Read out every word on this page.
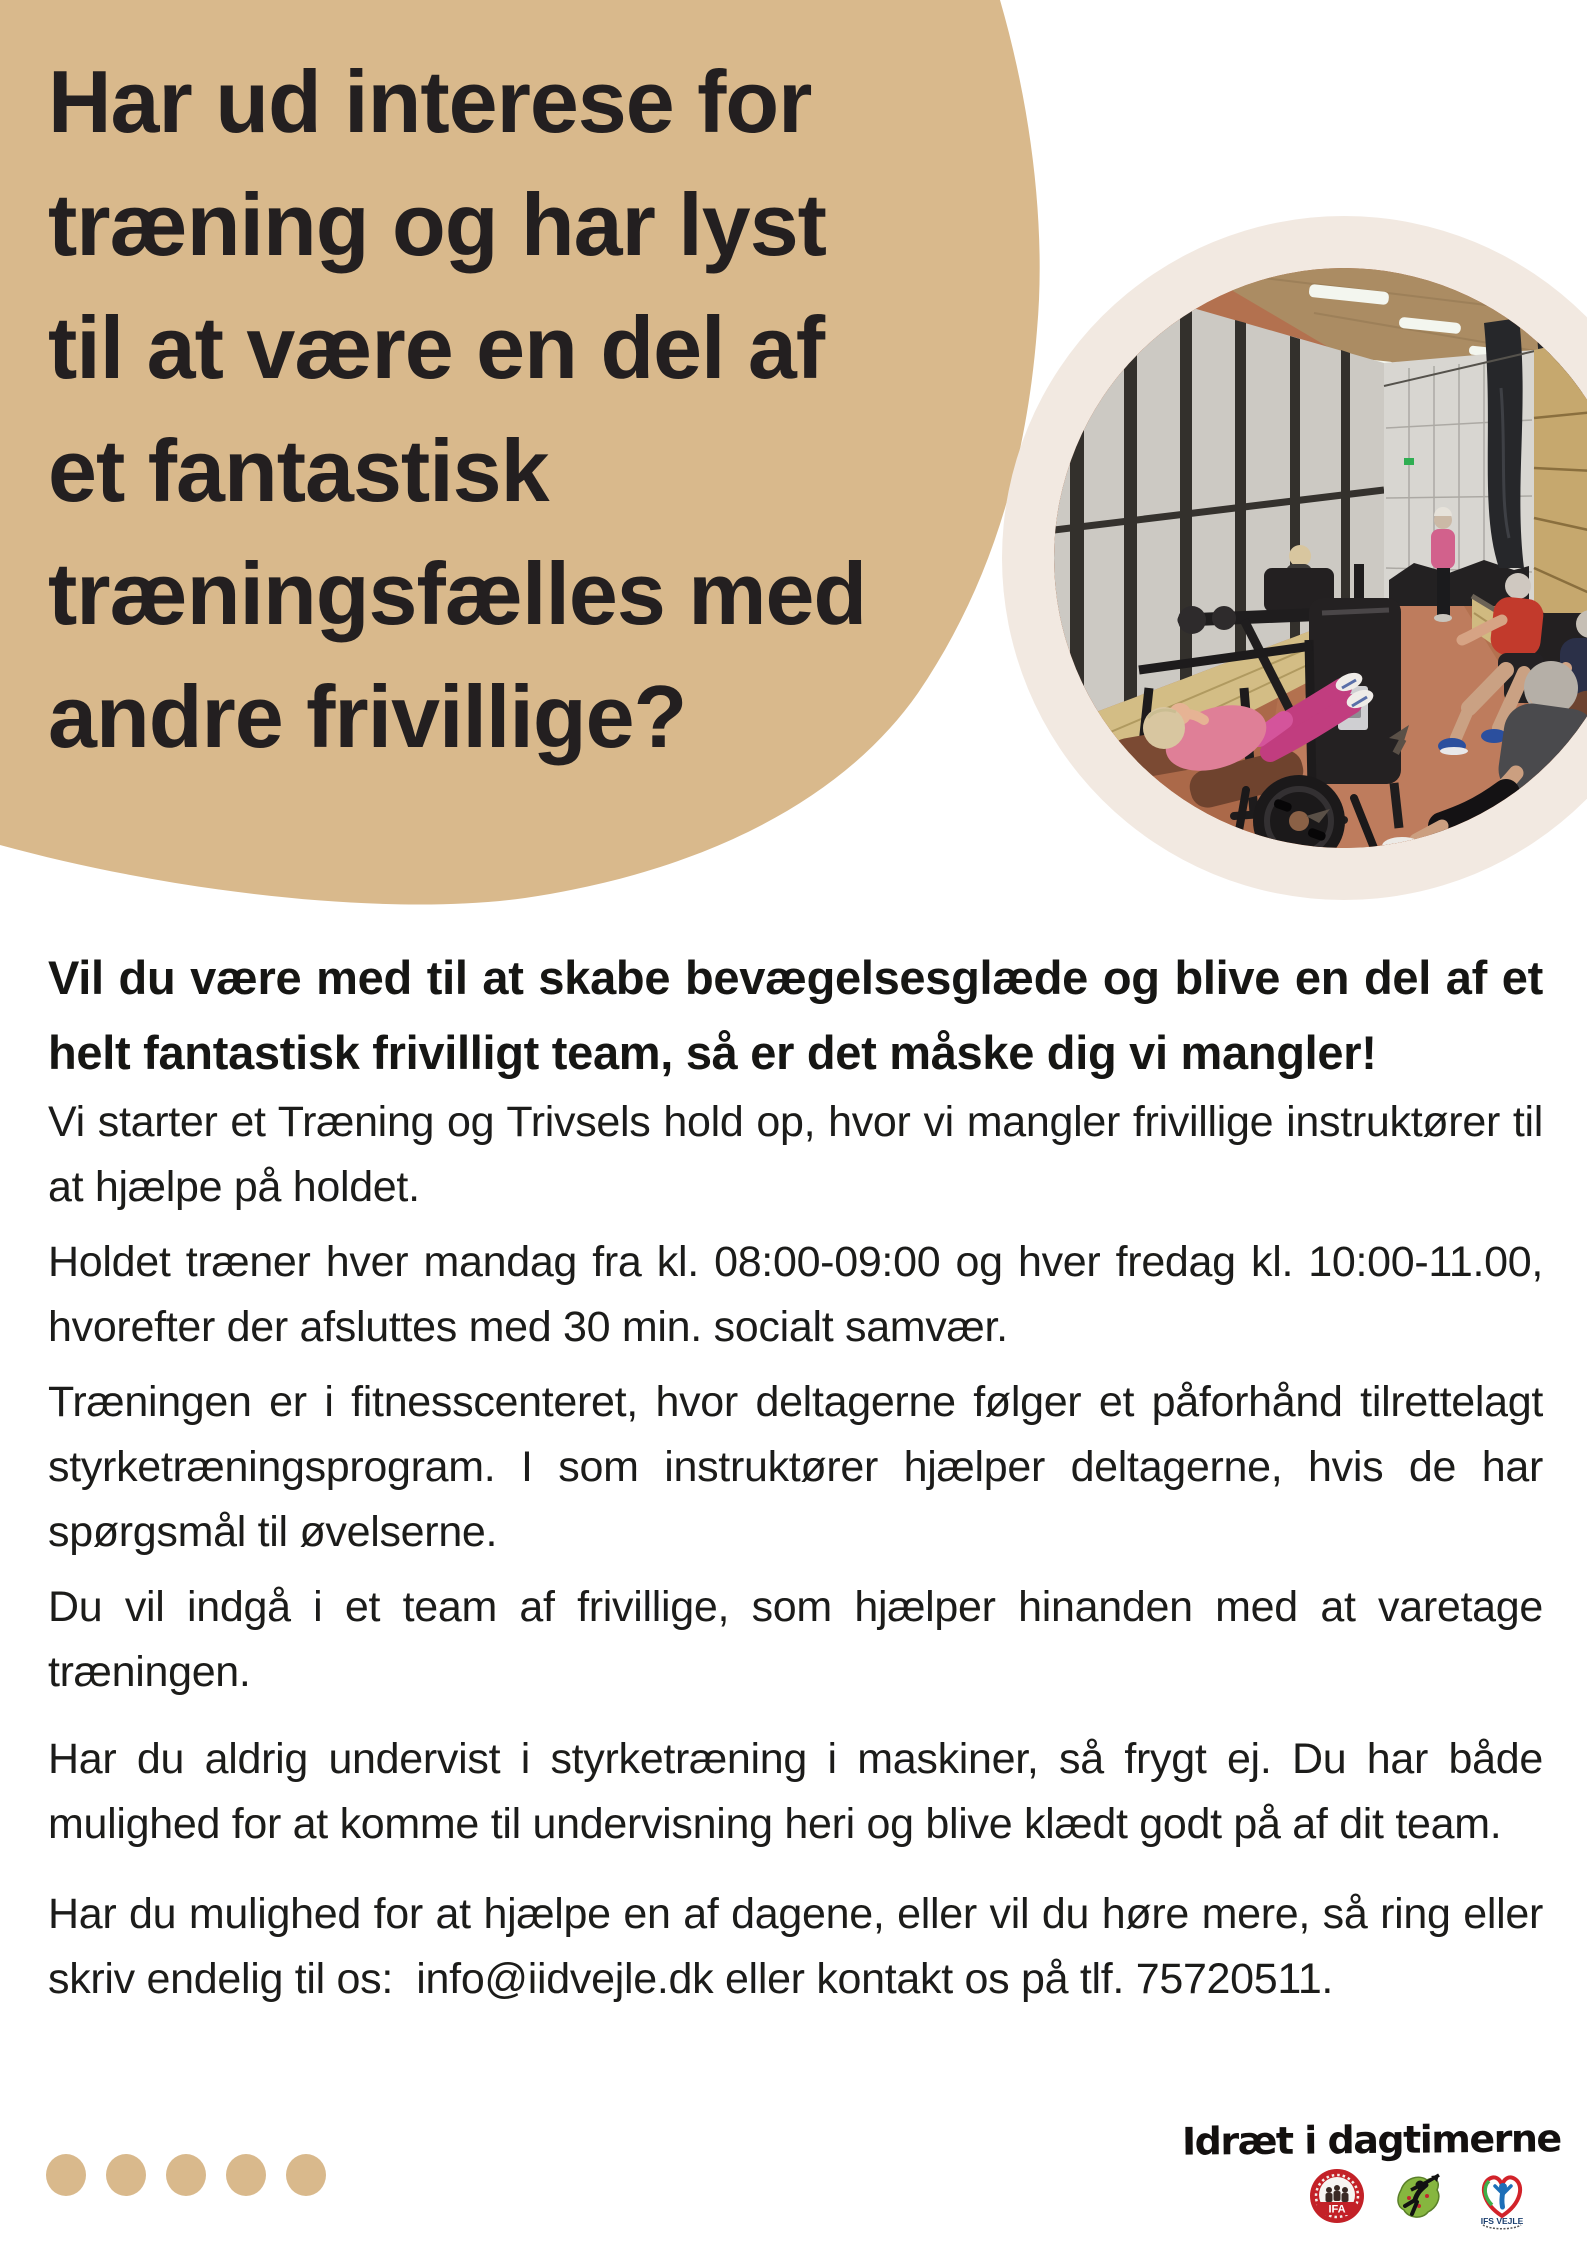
Har ud interese for
træning og har lyst
til at være en del af
et fantastisk
træningsfælles med
andre frivillige?

Vil du være med til at skabe bevægelsesglæde og blive en del af et helt fantastisk frivilligt team, så er det måske dig vi mangler!

Vi starter et Træning og Trivsels hold op, hvor vi mangler frivillige instruktører til at hjælpe på holdet.

Holdet træner hver mandag fra kl. 08:00-09:00 og hver fredag kl. 10:00-11.00, hvorefter der afsluttes med 30 min. socialt samvær.

Træningen er i fitnesscenteret, hvor deltagerne følger et påforhånd tilrettelagt styrketræningsprogram. I som instruktører hjælper deltagerne, hvis de har spørgsmål til øvelserne.

Du vil indgå i et team af frivillige, som hjælper hinanden med at varetage træningen.

Har du aldrig undervist i styrketræning i maskiner, så frygt ej. Du har både mulighed for at komme til undervisning heri og blive klædt godt på af dit team.

Har du mulighed for at hjælpe en af dagene, eller vil du høre mere, så ring eller skriv endelig til os:  info@iidvejle.dk eller kontakt os på tlf. 75720511.

Idræt i dagtimerne
IFA
IFS VEJLE
